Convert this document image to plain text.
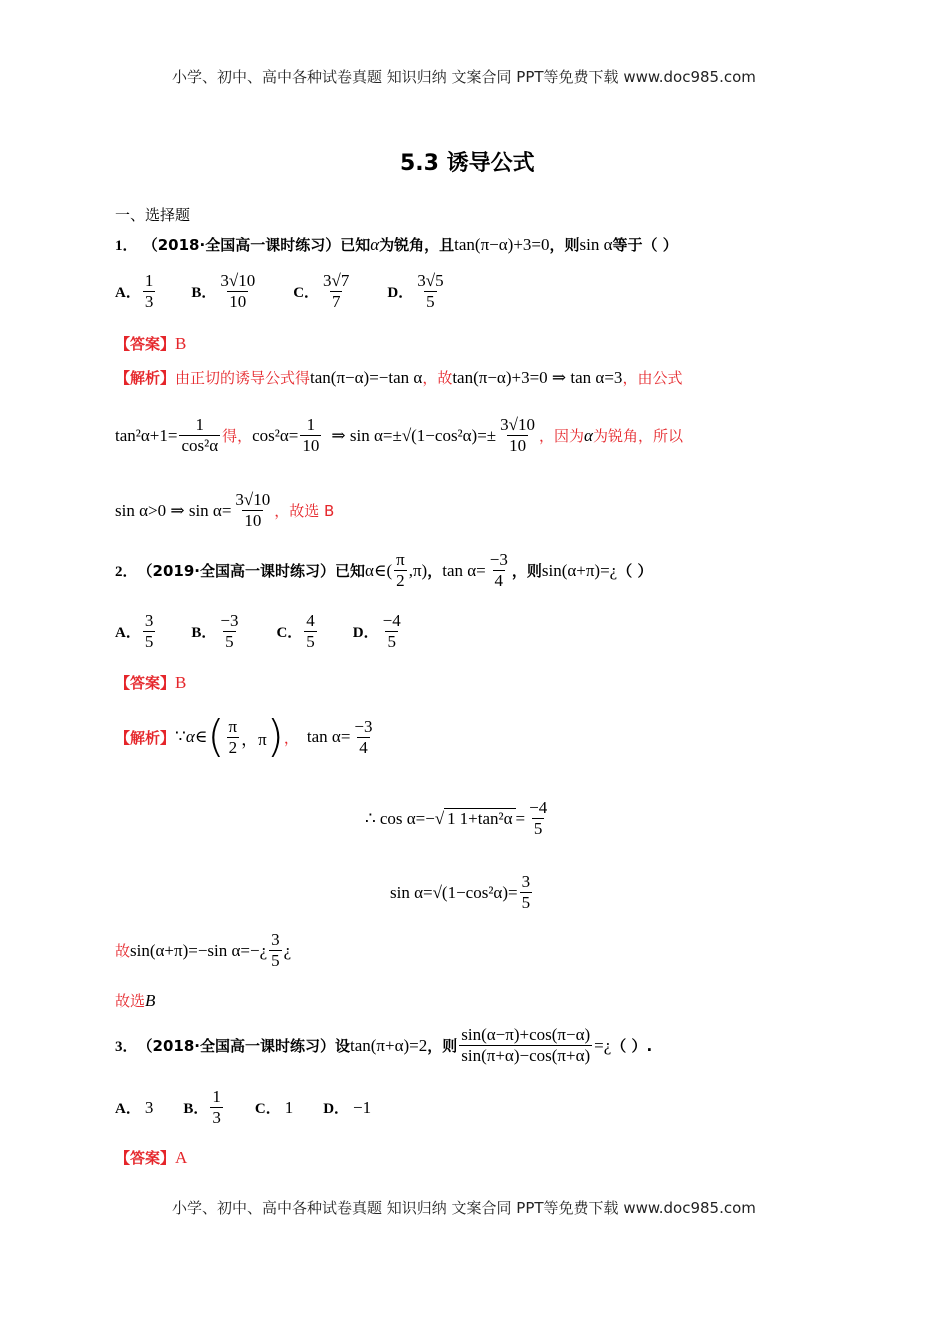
小学、初中、高中各种试卷真题 知识归纳 文案合同 PPT等免费下载 www.doc985.com
小学、初中、高中各种试卷真题 知识归纳 文案合同 PPT等免费下载 www.doc985.com
5.3 诱导公式
一、选择题
1． （2018·全国高一课时练习）已知α为锐角，且tan(π−α)+3=0，则sin α等于（ ）
A． $\frac{1}{3}$ B． $\frac{3√10}{10}$ C． $\frac{3√7}{7}$ D． $\frac{3√5}{5}$
【答案】B
【解析】由正切的诱导公式得tan(π−α)=−tan α，故tan(π−α)+3=0 ⇒ tan α=3，由公式
$\tan^2\alpha+1= \frac{1}{\text{cos²α}}$ 得， $\cos^2\alpha= \frac{1}{10}$ ⇒ $\sin \alpha=\pm√(1-\cos^2\alpha)=\pm \frac{3√10}{10}$ ，因为 α 为锐角，所以
sin α>0 ⇒ $\sin \alpha= \frac{3√10}{10}$ ，故选 B
2． （2019·全国高一课时练习）已知 α∈( $\frac{\pi}{2} ,\pi$) ， $\tan \alpha= \frac{-3}{4}$ ，则 sin(α+π)=¿ （ ）
A． $\frac{3}{5}$ B． $\frac{-3}{5}$ C． $\frac{4}{5}$ D． $\frac{-4}{5}$
【答案】B
【解析】 ∵ α∈ ( $\frac{\pi}{2}$ ，π ) ， $\tan \alpha= \frac{-3}{4}$
∴ cos α=− √ 1 $1+\tan^2\alpha = \frac{-4}{5}$
$\sin \alpha=√(1-\cos^2\alpha)= \frac{3}{5}$
故 sin(α+π)=−sin α=−¿ $\frac{3}{5}$ ¿
故选B
3． （2018·全国高一课时练习）设 tan(π+α)=2 ，则 $\frac{\sin(\alpha-\pi)+\cos(\pi-\alpha)}{\sin(\pi+\alpha)-\cos(\pi+\alpha)}$ =¿ （ ）.
A． 3 B． $\frac{1}{3}$ C． 1 D． −1
【答案】A
